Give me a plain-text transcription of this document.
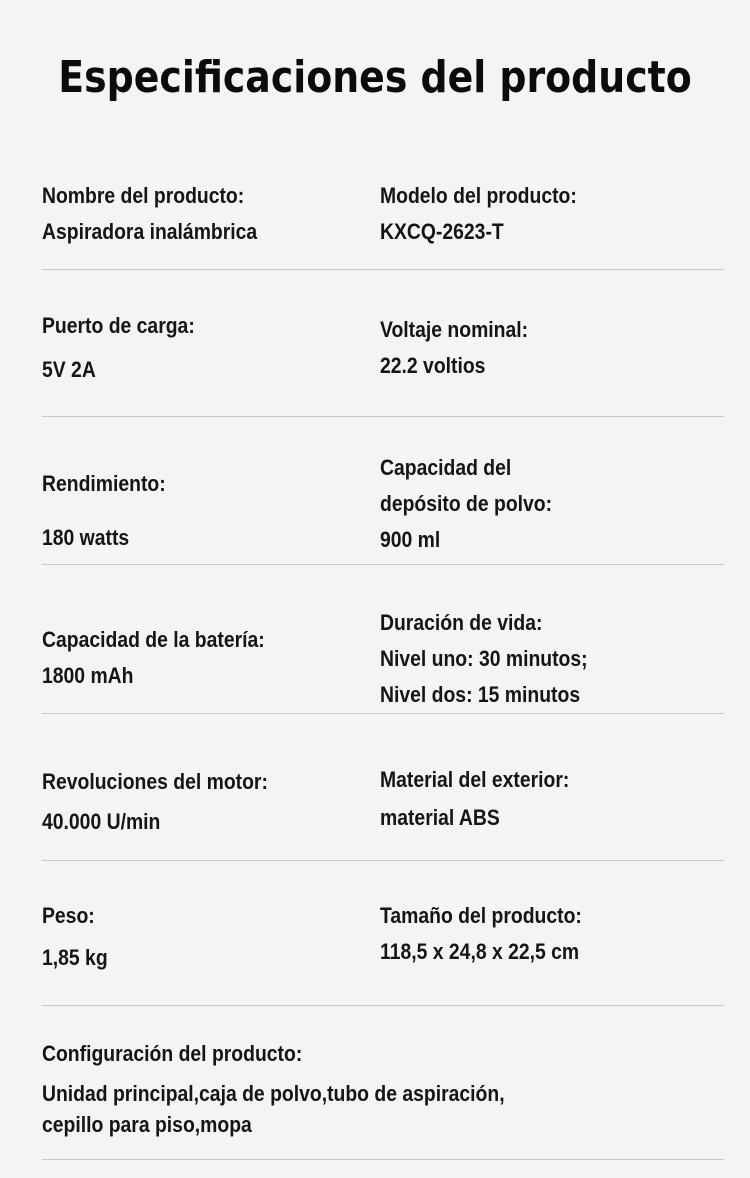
Especificaciones del producto
Nombre del producto:
Aspiradora inalámbrica
Modelo del producto:
KXCQ-2623-T
Puerto de carga:
5V 2A
Voltaje nominal:
22.2 voltios
Rendimiento:
180 watts
Capacidad del
depósito de polvo:
900 ml
Capacidad de la batería:
1800 mAh
Duración de vida:
Nivel uno: 30 minutos;
Nivel dos: 15 minutos
Revoluciones del motor:
40.000 U/min
Material del exterior:
material ABS
Peso:
1,85 kg
Tamaño del producto:
118,5 x 24,8 x 22,5 cm
Configuración del producto:
Unidad principal,caja de polvo,tubo de aspiración,
cepillo para piso,mopa
